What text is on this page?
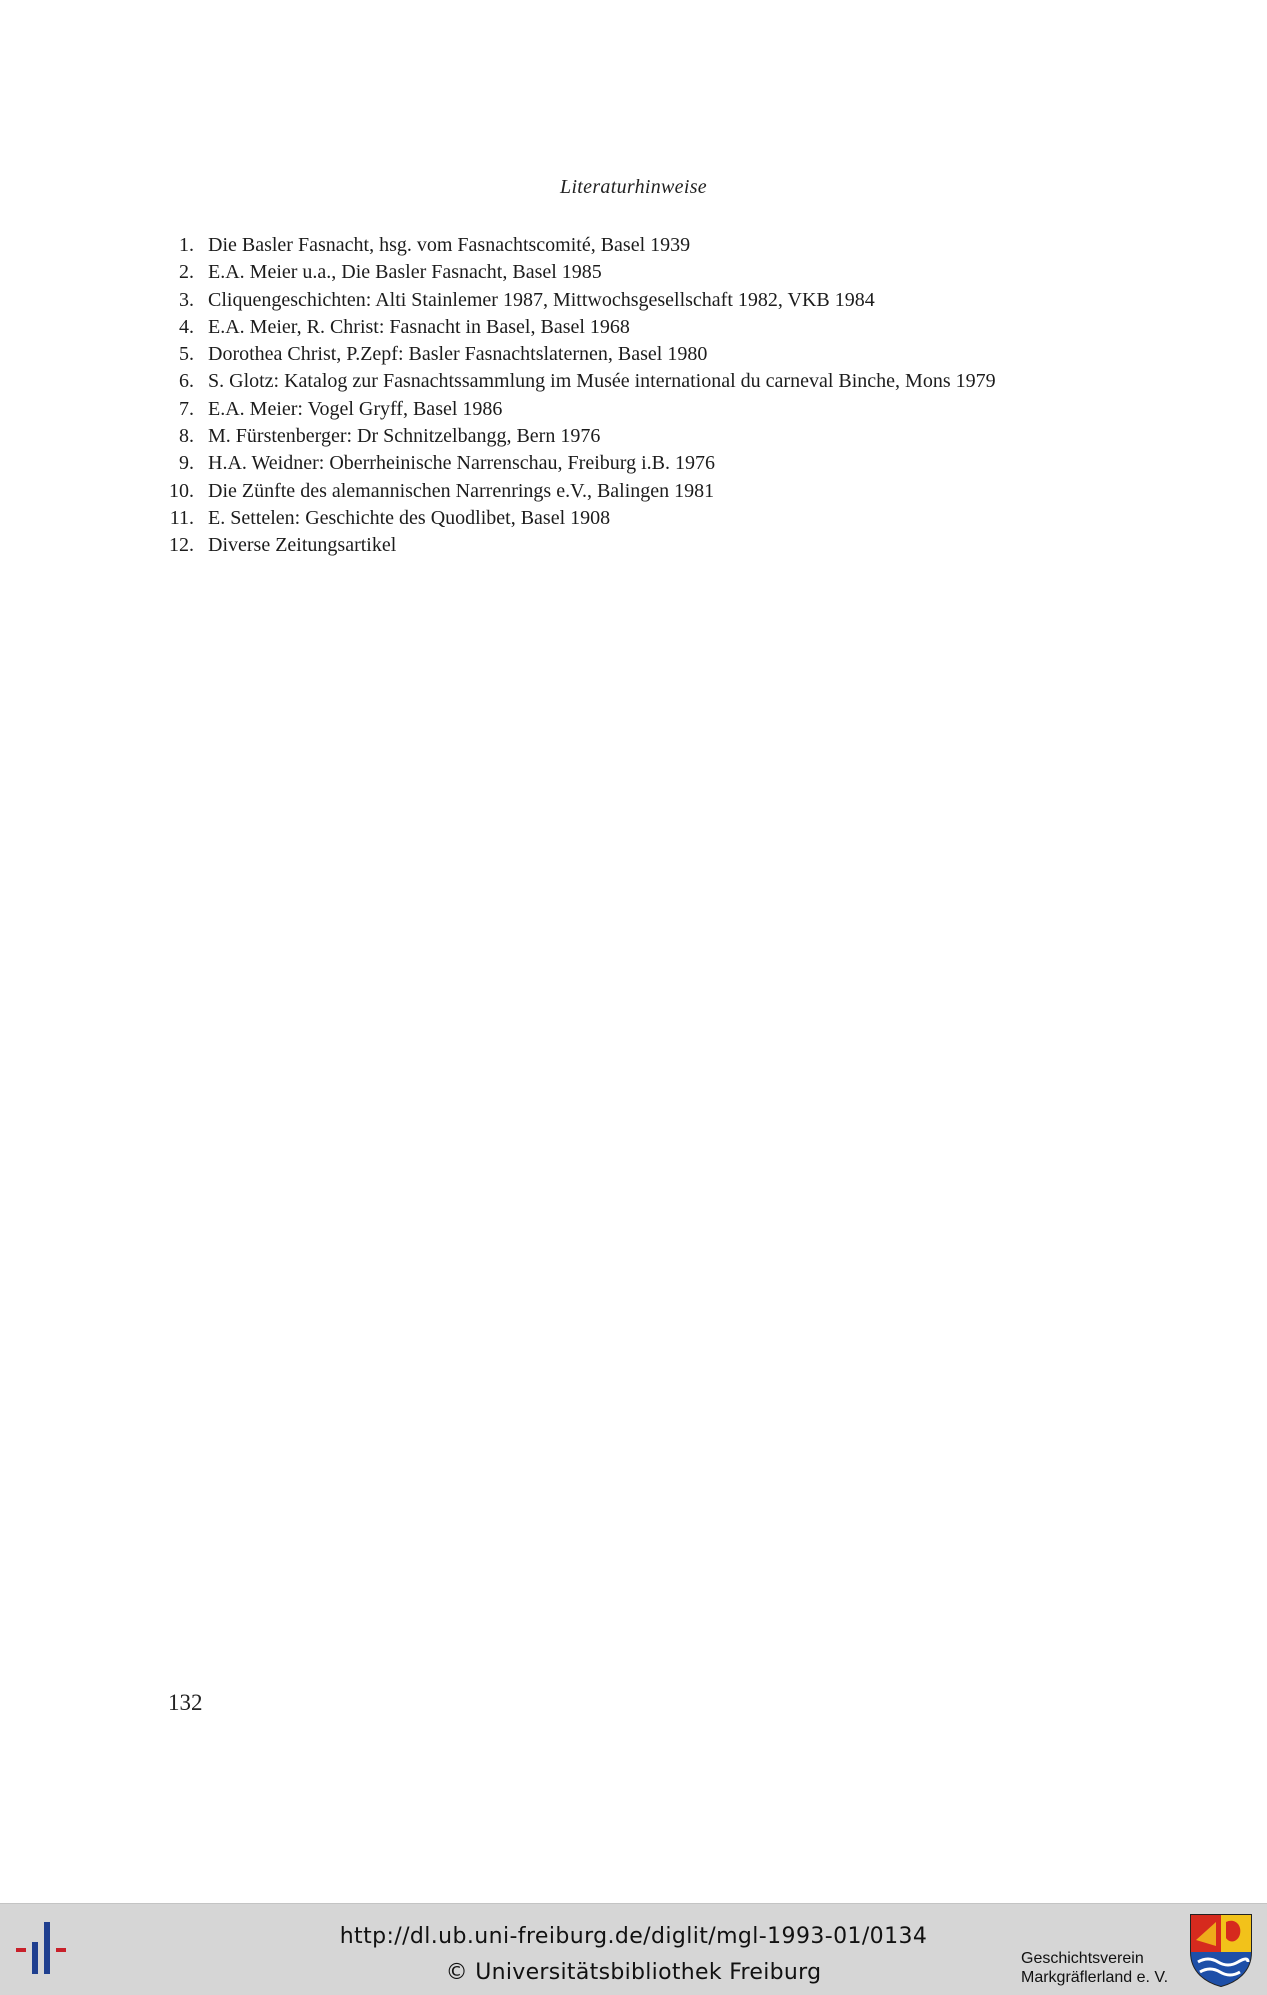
Literaturhinweise
1. Die Basler Fasnacht, hsg. vom Fasnachtscomité, Basel 1939
2. E.A. Meier u.a., Die Basler Fasnacht, Basel 1985
3. Cliquengeschichten: Alti Stainlemer 1987, Mittwochsgesellschaft 1982, VKB 1984
4. E.A. Meier, R. Christ: Fasnacht in Basel, Basel 1968
5. Dorothea Christ, P.Zepf: Basler Fasnachtslaternen, Basel 1980
6. S. Glotz: Katalog zur Fasnachtssammlung im Musée international du carneval Binche, Mons 1979
7. E.A. Meier: Vogel Gryff, Basel 1986
8. M. Fürstenberger: Dr Schnitzelbangg, Bern 1976
9. H.A. Weidner: Oberrheinische Narrenschau, Freiburg i.B. 1976
10. Die Zünfte des alemannischen Narrenrings e.V., Balingen 1981
11. E. Settelen: Geschichte des Quodlibet, Basel 1908
12. Diverse Zeitungsartikel
132
http://dl.ub.uni-freiburg.de/diglit/mgl-1993-01/0134
© Universitätsbibliothek Freiburg
Geschichtsverein
Markgräflerland e. V.
